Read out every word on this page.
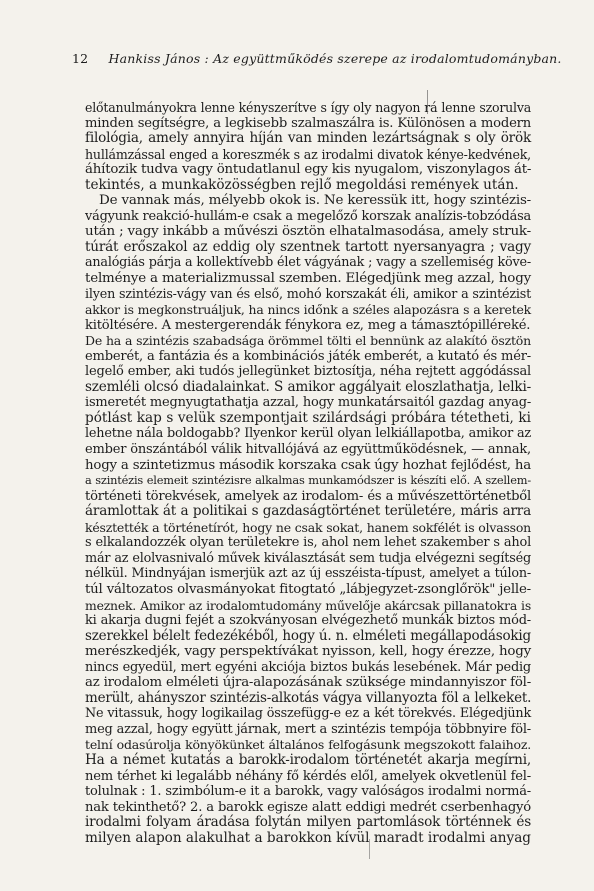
12 Hankiss János : Az együttműködés szerepe az irodalomtudományban.
előtanulmányokra lenne kényszerítve s így oly nagyon rá lenne szorulva
minden segítségre, a legkisebb szalmaszálra is. Különösen a modern
filológia, amely annyira híján van minden lezártságnak s oly örök
hullámzással enged a koreszmék s az irodalmi divatok kénye-kedvének,
áhítozik tudva vagy öntudatlanul egy kis nyugalom, viszonylagos át-
tekintés, a munkaközösségben rejlő megoldási remények után.
De vannak más, mélyebb okok is. Ne keressük itt, hogy szintézis-
vágyunk reakció-hullám-e csak a megelőző korszak analízis-tobzódása
után ; vagy inkább a művészi ösztön elhatalmasodása, amely struk-
túrát erőszakol az eddig oly szentnek tartott nyersanyagra ; vagy
analógiás párja a kollektívebb élet vágyának ; vagy a szellemiség köve-
telménye a materializmussal szemben. Elégedjünk meg azzal, hogy
ilyen szintézis-vágy van és első, mohó korszakát éli, amikor a szintézist
akkor is megkonstruáljuk, ha nincs időnk a széles alapozásra s a keretek
kitöltésére. A mestergerendák fénykora ez, meg a támasztópilléreké.
De ha a szintézis szabadsága örömmel tölti el bennünk az alakító ösztön
emberét, a fantázia és a kombinációs játék emberét, a kutató és mér-
legelő ember, aki tudós jellegünket biztosítja, néha rejtett aggódással
szemléli olcsó diadalainkat. S amikor aggályait eloszlathatja, lelki-
ismeretét megnyugtathatja azzal, hogy munkatársaitól gazdag anyag-
pótlást kap s velük szempontjait szilárdsági próbára tétetheti, ki
lehetne nála boldogabb? Ilyenkor kerül olyan lelkiállapotba, amikor az
ember önszántából válik hitvallójává az együttműködésnek, — annak,
hogy a szintetizmus második korszaka csak úgy hozhat fejlődést, ha
a szintézis elemeit szintézisre alkalmas munkamódszer is készíti elő. A szellem-
történeti törekvések, amelyek az irodalom- és a művészettörténetből
áramlottak át a politikai s gazdaságtörténet területére, máris arra
késztették a történetírót, hogy ne csak sokat, hanem sokfélét is olvasson
s elkalandozzék olyan területekre is, ahol nem lehet szakember s ahol
már az elolvasnivaló művek kiválasztását sem tudja elvégezni segítség
nélkül. Mindnyájan ismerjük azt az új esszéista-típust, amelyet a túlon-
túl változatos olvasmányokat fitogtató „lábjegyzet-zsonglőrök" jelle-
meznek. Amikor az irodalomtudomány művelője akárcsak pillanatokra is
ki akarja dugni fejét a szokványosan elvégezhető munkák biztos mód-
szerekkel bélelt fedezékéből, hogy ú. n. elméleti megállapodásokig
merészkedjék, vagy perspektívákat nyisson, kell, hogy érezze, hogy
nincs egyedül, mert egyéni akciója biztos bukás lesebének. Már pedig
az irodalom elméleti újra-alapozásának szüksége mindannyiszor föl-
merült, ahányszor szintézis-alkotás vágya villanyozta föl a lelkeket.
Ne vitassuk, hogy logikailag összefügg-e ez a két törekvés. Elégedjünk
meg azzal, hogy együtt járnak, mert a szintézis tempója többnyire föl-
telní odasúrolja könyökünket általános felfogásunk megszokott falaihoz.
Ha a német kutatás a barokk-irodalom történetét akarja megírni,
nem térhet ki legalább néhány fő kérdés elől, amelyek okvetlenül fel-
tolulnak : 1. szimbólum-e it a barokk, vagy valóságos irodalmi normá-
nak tekinthető? 2. a barokk egisze alatt eddigi medrét cserbenhagyó
irodalmi folyam áradása folytán milyen partomlások történnek és
milyen alapon alakulhat a barokkon kívül maradt irodalmi anyag
